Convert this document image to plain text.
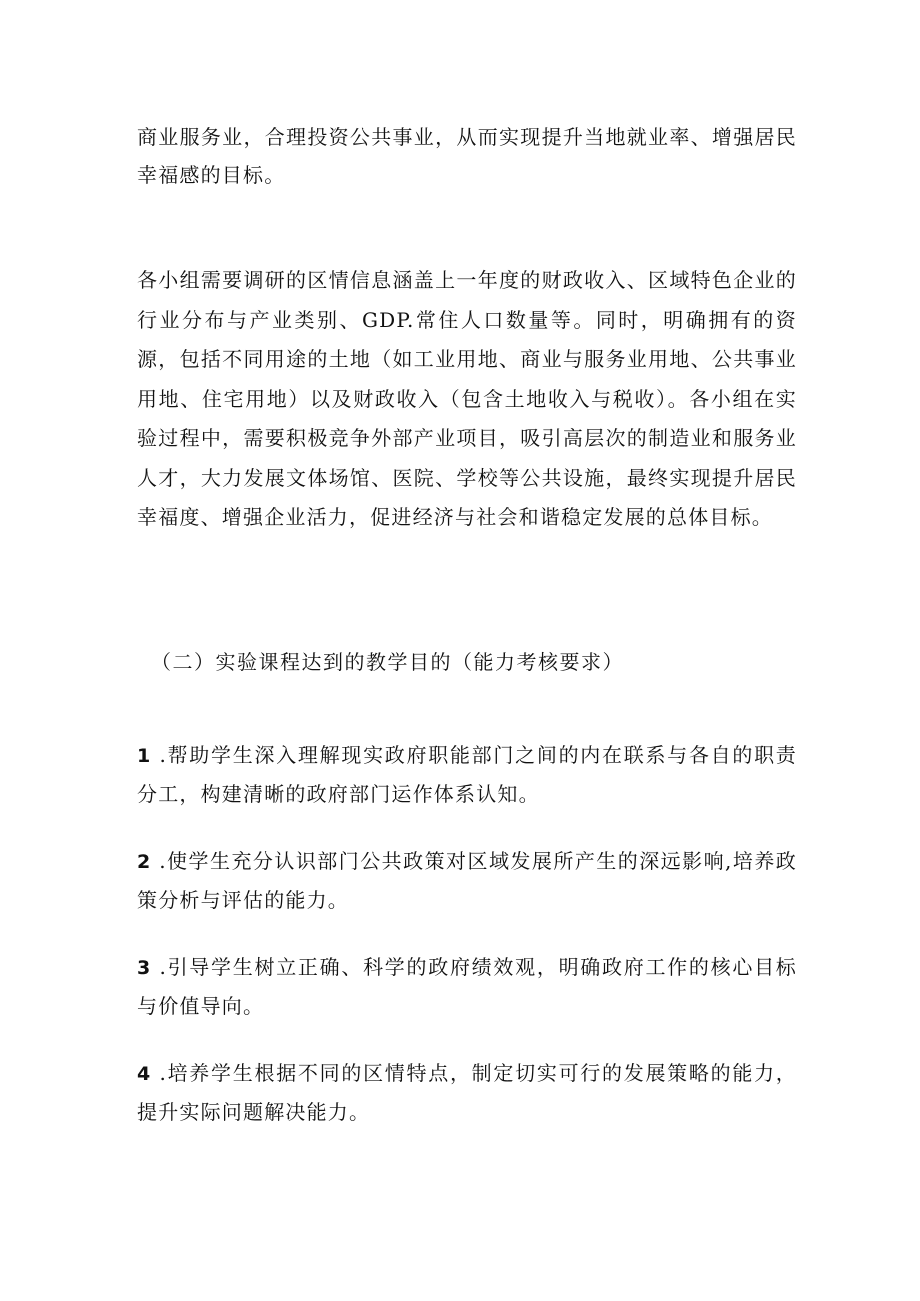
商业服务业，合理投资公共事业，从而实现提升当地就业率、增强居民幸福感的目标。

各小组需要调研的区情信息涵盖上一年度的财政收入、区域特色企业的行业分布与产业类别、GDP.常住人口数量等。同时，明确拥有的资源，包括不同用途的土地（如工业用地、商业与服务业用地、公共事业用地、住宅用地）以及财政收入（包含土地收入与税收）。各小组在实验过程中，需要积极竞争外部产业项目，吸引高层次的制造业和服务业人才，大力发展文体场馆、医院、学校等公共设施，最终实现提升居民幸福度、增强企业活力，促进经济与社会和谐稳定发展的总体目标。

（二）实验课程达到的教学目的（能力考核要求）

1 .帮助学生深入理解现实政府职能部门之间的内在联系与各自的职责分工，构建清晰的政府部门运作体系认知。

2 .使学生充分认识部门公共政策对区域发展所产生的深远影响,培养政策分析与评估的能力。

3 .引导学生树立正确、科学的政府绩效观，明确政府工作的核心目标与价值导向。

4 .培养学生根据不同的区情特点，制定切实可行的发展策略的能力，提升实际问题解决能力。
